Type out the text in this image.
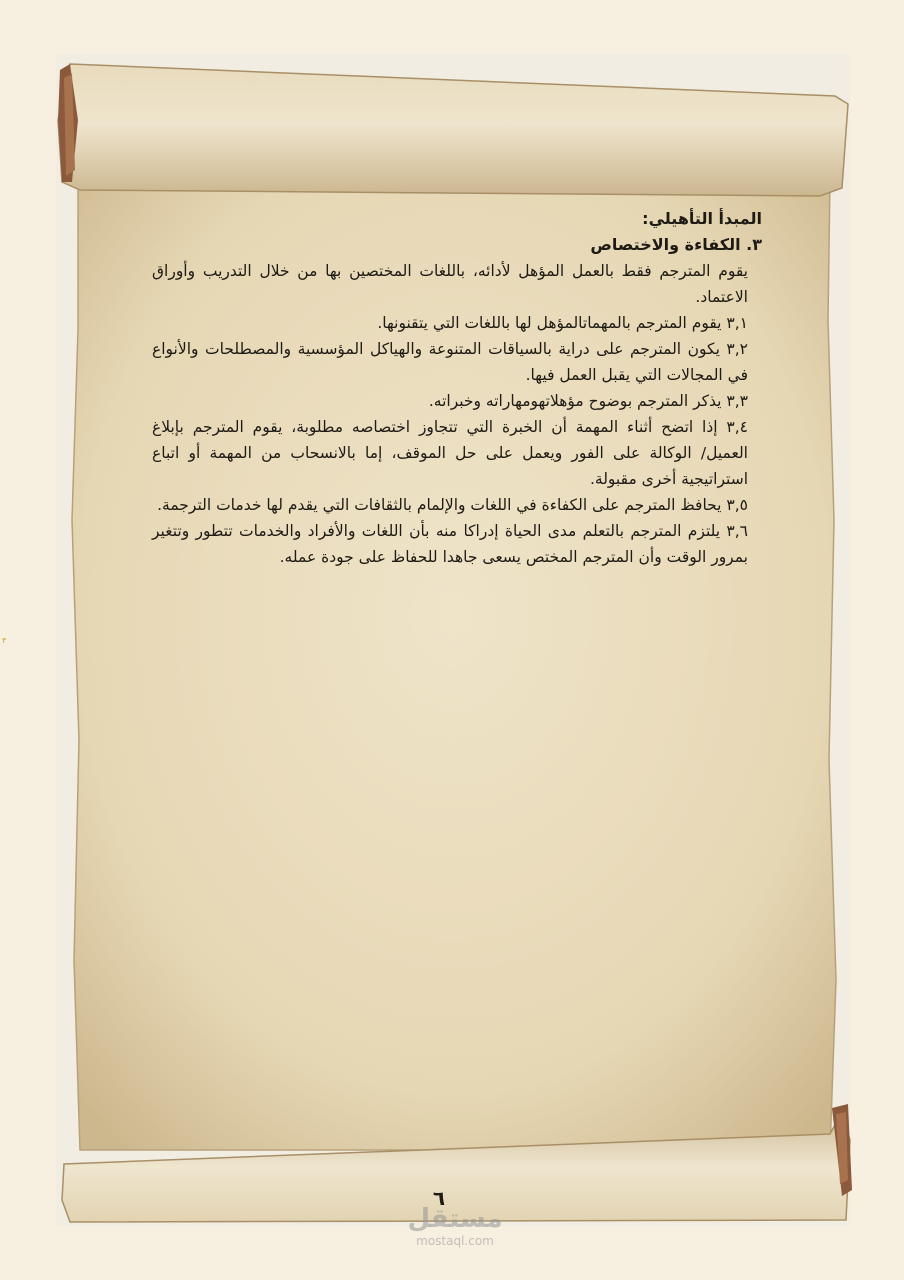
المبدأ التأهيلي:

٣. الكفاءة والاختصاص

يقوم المترجم فقط بالعمل المؤهل لأدائه، باللغات المختصين بها من خلال التدريب وأوراق الاعتماد.

٣,١ يقوم المترجم بالمهماتالمؤهل لها باللغات التي يتقنونها.

٣,٢ يكون المترجم على دراية بالسياقات المتنوعة والهياكل المؤسسية والمصطلحات والأنواع في المجالات التي يقبل العمل فيها.

٣,٣ يذكر المترجم بوضوح مؤهلاتهومهاراته وخبراته.

٣,٤ إذا اتضح أثناء المهمة أن الخبرة التي تتجاوز اختصاصه مطلوبة، يقوم المترجم بإبلاغ العميل/ الوكالة على الفور ويعمل على حل الموقف، إما بالانسحاب من المهمة أو اتباع استراتيجية أخرى مقبولة.

٣,٥ يحافظ المترجم على الكفاءة في اللغات والإلمام بالثقافات التي يقدم لها خدمات الترجمة.

٣,٦ يلتزم المترجم بالتعلم مدى الحياة إدراكا منه بأن اللغات والأفراد والخدمات تتطور وتتغير بمرور الوقت وأن المترجم المختص يسعى جاهدا للحفاظ على جودة عمله.

٦
مستقل
mostaql.com
٣
